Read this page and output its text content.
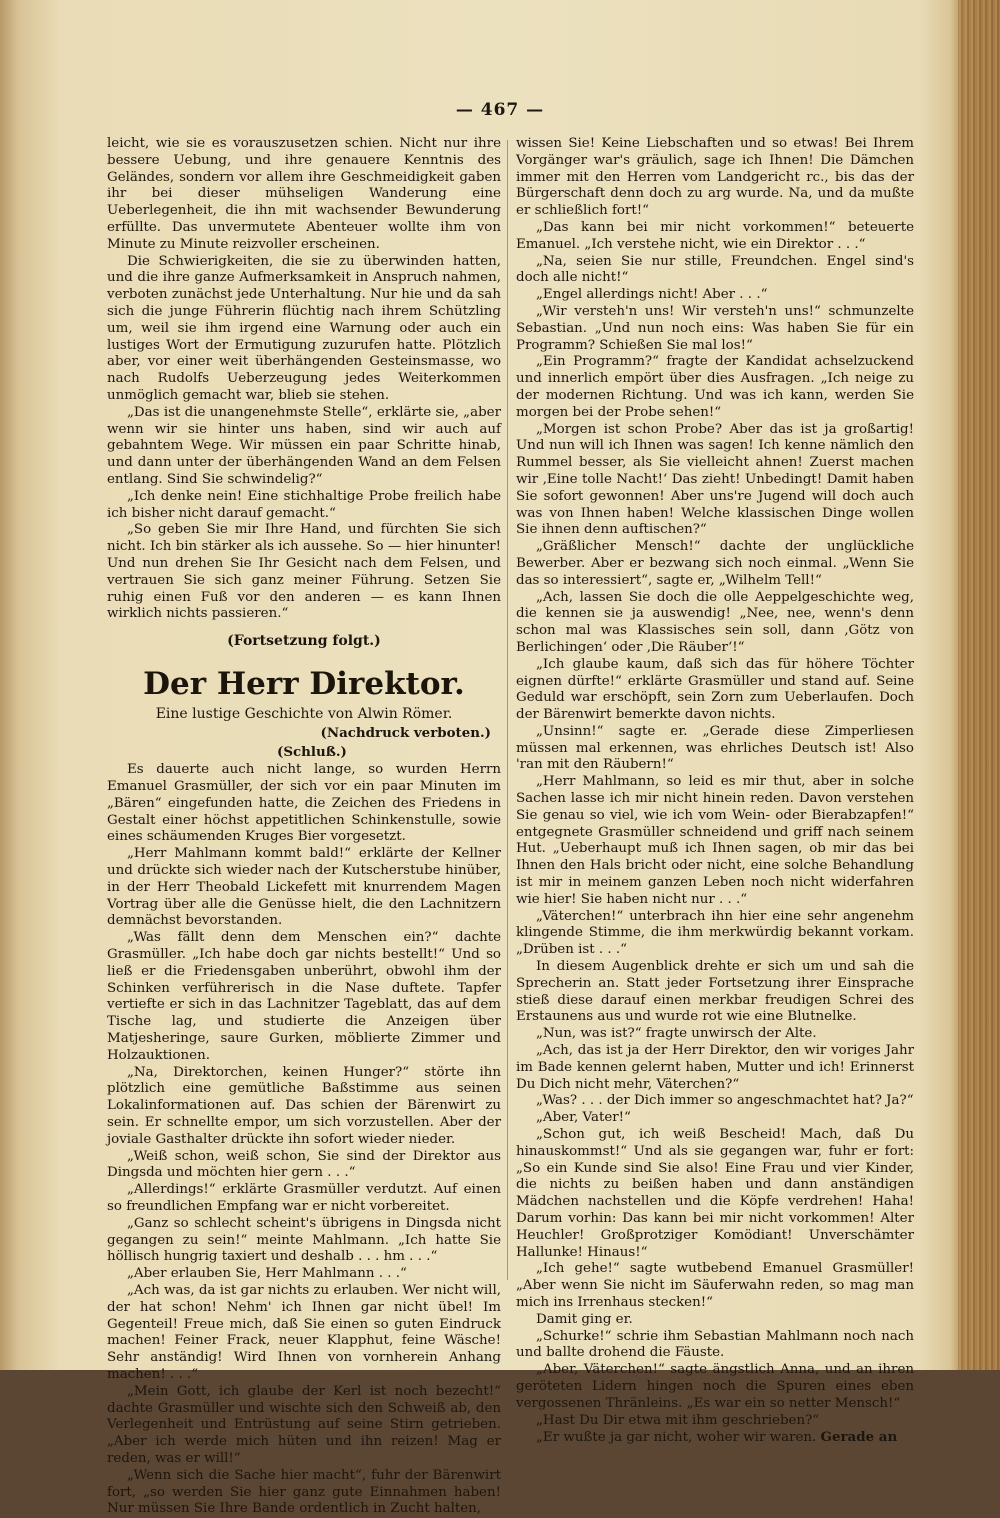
— 467 —

leicht, wie sie es vorauszusetzen schien. Nicht nur ihre bessere Uebung, und ihre genauere Kenntnis des Geländes, sondern vor allem ihre Geschmeidigkeit gaben ihr bei dieser mühseligen Wanderung eine Ueberlegenheit, die ihn mit wachsender Bewunderung erfüllte. Das unvermutete Abenteuer wollte ihm von Minute zu Minute reizvoller erscheinen.

Die Schwierigkeiten, die sie zu überwinden hatten, und die ihre ganze Aufmerksamkeit in Anspruch nahmen, verboten zunächst jede Unterhaltung. Nur hie und da sah sich die junge Führerin flüchtig nach ihrem Schützling um, weil sie ihm irgend eine Warnung oder auch ein lustiges Wort der Ermutigung zuzurufen hatte. Plötzlich aber, vor einer weit überhängenden Gesteinsmasse, wo nach Rudolfs Ueberzeugung jedes Weiterkommen unmöglich gemacht war, blieb sie stehen.

„Das ist die unangenehmste Stelle“, erklärte sie, „aber wenn wir sie hinter uns haben, sind wir auch auf gebahntem Wege. Wir müssen ein paar Schritte hinab, und dann unter der überhängenden Wand an dem Felsen entlang. Sind Sie schwindelig?“

„Ich denke nein! Eine stichhaltige Probe freilich habe ich bisher nicht darauf gemacht.“

„So geben Sie mir Ihre Hand, und fürchten Sie sich nicht. Ich bin stärker als ich aussehe. So — hier hinunter! Und nun drehen Sie Ihr Gesicht nach dem Felsen, und vertrauen Sie sich ganz meiner Führung. Setzen Sie ruhig einen Fuß vor den anderen — es kann Ihnen wirklich nichts passieren.“

(Fortsetzung folgt.)

Der Herr Direktor.

Eine lustige Geschichte von Alwin Römer.

(Nachdruck verboten.)

(Schluß.)

Es dauerte auch nicht lange, so wurden Herrn Emanuel Grasmüller, der sich vor ein paar Minuten im „Bären“ eingefunden hatte, die Zeichen des Friedens in Gestalt einer höchst appetitlichen Schinkenstulle, sowie eines schäumenden Kruges Bier vorgesetzt.

„Herr Mahlmann kommt bald!“ erklärte der Kellner und drückte sich wieder nach der Kutscherstube hinüber, in der Herr Theobald Lickefett mit knurrendem Magen Vortrag über alle die Genüsse hielt, die den Lachnitzern demnächst bevorstanden.

„Was fällt denn dem Menschen ein?“ dachte Grasmüller. „Ich habe doch gar nichts bestellt!“ Und so ließ er die Friedensgaben unberührt, obwohl ihm der Schinken verführerisch in die Nase duftete. Tapfer vertiefte er sich in das Lachnitzer Tageblatt, das auf dem Tische lag, und studierte die Anzeigen über Matjesheringe, saure Gurken, möblierte Zimmer und Holzauktionen.

„Na, Direktorchen, keinen Hunger?“ störte ihn plötzlich eine gemütliche Baßstimme aus seinen Lokalinformationen auf. Das schien der Bärenwirt zu sein. Er schnellte empor, um sich vorzustellen. Aber der joviale Gasthalter drückte ihn sofort wieder nieder.

„Weiß schon, weiß schon, Sie sind der Direktor aus Dingsda und möchten hier gern . . .“

„Allerdings!“ erklärte Grasmüller verdutzt. Auf einen so freundlichen Empfang war er nicht vorbereitet.

„Ganz so schlecht scheint's übrigens in Dingsda nicht gegangen zu sein!“ meinte Mahlmann. „Ich hatte Sie höllisch hungrig taxiert und deshalb . . . hm . . .“

„Aber erlauben Sie, Herr Mahlmann . . .“

„Ach was, da ist gar nichts zu erlauben. Wer nicht will, der hat schon! Nehm' ich Ihnen gar nicht übel! Im Gegenteil! Freue mich, daß Sie einen so guten Eindruck machen! Feiner Frack, neuer Klapphut, feine Wäsche! Sehr anständig! Wird Ihnen von vornherein Anhang machen! . . .“

„Mein Gott, ich glaube der Kerl ist noch bezecht!“ dachte Grasmüller und wischte sich den Schweiß ab, den Verlegenheit und Entrüstung auf seine Stirn getrieben. „Aber ich werde mich hüten und ihn reizen! Mag er reden, was er will!“

„Wenn sich die Sache hier macht“, fuhr der Bärenwirt fort, „so werden Sie hier ganz gute Einnahmen haben! Nur müssen Sie Ihre Bande ordentlich in Zucht halten,

wissen Sie! Keine Liebschaften und so etwas! Bei Ihrem Vorgänger war's gräulich, sage ich Ihnen! Die Dämchen immer mit den Herren vom Landgericht rc., bis das der Bürgerschaft denn doch zu arg wurde. Na, und da mußte er schließlich fort!“

„Das kann bei mir nicht vorkommen!“ beteuerte Emanuel. „Ich verstehe nicht, wie ein Direktor . . .“

„Na, seien Sie nur stille, Freundchen. Engel sind's doch alle nicht!“

„Engel allerdings nicht! Aber . . .“

„Wir versteh'n uns! Wir versteh'n uns!“ schmunzelte Sebastian. „Und nun noch eins: Was haben Sie für ein Programm? Schießen Sie mal los!“

„Ein Programm?“ fragte der Kandidat achselzuckend und innerlich empört über dies Ausfragen. „Ich neige zu der modernen Richtung. Und was ich kann, werden Sie morgen bei der Probe sehen!“

„Morgen ist schon Probe? Aber das ist ja großartig! Und nun will ich Ihnen was sagen! Ich kenne nämlich den Rummel besser, als Sie vielleicht ahnen! Zuerst machen wir ‚Eine tolle Nacht!‘ Das zieht! Unbedingt! Damit haben Sie sofort gewonnen! Aber uns're Jugend will doch auch was von Ihnen haben! Welche klassischen Dinge wollen Sie ihnen denn auftischen?“

„Gräßlicher Mensch!“ dachte der unglückliche Bewerber. Aber er bezwang sich noch einmal. „Wenn Sie das so interessiert“, sagte er, „Wilhelm Tell!“

„Ach, lassen Sie doch die olle Aeppelgeschichte weg, die kennen sie ja auswendig! „Nee, nee, wenn's denn schon mal was Klassisches sein soll, dann ‚Götz von Berlichingen‘ oder ‚Die Räuber‘!“

„Ich glaube kaum, daß sich das für höhere Töchter eignen dürfte!“ erklärte Grasmüller und stand auf. Seine Geduld war erschöpft, sein Zorn zum Ueberlaufen. Doch der Bärenwirt bemerkte davon nichts.

„Unsinn!“ sagte er. „Gerade diese Zimperliesen müssen mal erkennen, was ehrliches Deutsch ist! Also 'ran mit den Räubern!“

„Herr Mahlmann, so leid es mir thut, aber in solche Sachen lasse ich mir nicht hinein reden. Davon verstehen Sie genau so viel, wie ich vom Wein- oder Bierabzapfen!“ entgegnete Grasmüller schneidend und griff nach seinem Hut. „Ueberhaupt muß ich Ihnen sagen, ob mir das bei Ihnen den Hals bricht oder nicht, eine solche Behandlung ist mir in meinem ganzen Leben noch nicht widerfahren wie hier! Sie haben nicht nur . . .“

„Väterchen!“ unterbrach ihn hier eine sehr angenehm klingende Stimme, die ihm merkwürdig bekannt vorkam. „Drüben ist . . .“

In diesem Augenblick drehte er sich um und sah die Sprecherin an. Statt jeder Fortsetzung ihrer Einsprache stieß diese darauf einen merkbar freudigen Schrei des Erstaunens aus und wurde rot wie eine Blutnelke.

„Nun, was ist?“ fragte unwirsch der Alte.

„Ach, das ist ja der Herr Direktor, den wir voriges Jahr im Bade kennen gelernt haben, Mutter und ich! Erinnerst Du Dich nicht mehr, Väterchen?“

„Was? . . . der Dich immer so angeschmachtet hat? Ja?“

„Aber, Vater!“

„Schon gut, ich weiß Bescheid! Mach, daß Du hinauskommst!“ Und als sie gegangen war, fuhr er fort: „So ein Kunde sind Sie also! Eine Frau und vier Kinder, die nichts zu beißen haben und dann anständigen Mädchen nachstellen und die Köpfe verdrehen! Haha! Darum vorhin: Das kann bei mir nicht vorkommen! Alter Heuchler! Großprotziger Komödiant! Unverschämter Hallunke! Hinaus!“

„Ich gehe!“ sagte wutbebend Emanuel Grasmüller! „Aber wenn Sie nicht im Säuferwahn reden, so mag man mich ins Irrenhaus stecken!“

Damit ging er.

„Schurke!“ schrie ihm Sebastian Mahlmann noch nach und ballte drohend die Fäuste.

„Aber, Väterchen!“ sagte ängstlich Anna, und an ihren geröteten Lidern hingen noch die Spuren eines eben vergossenen Thränleins. „Es war ein so netter Mensch!“

„Hast Du Dir etwa mit ihm geschrieben?“

„Er wußte ja gar nicht, woher wir waren. Gerade an
